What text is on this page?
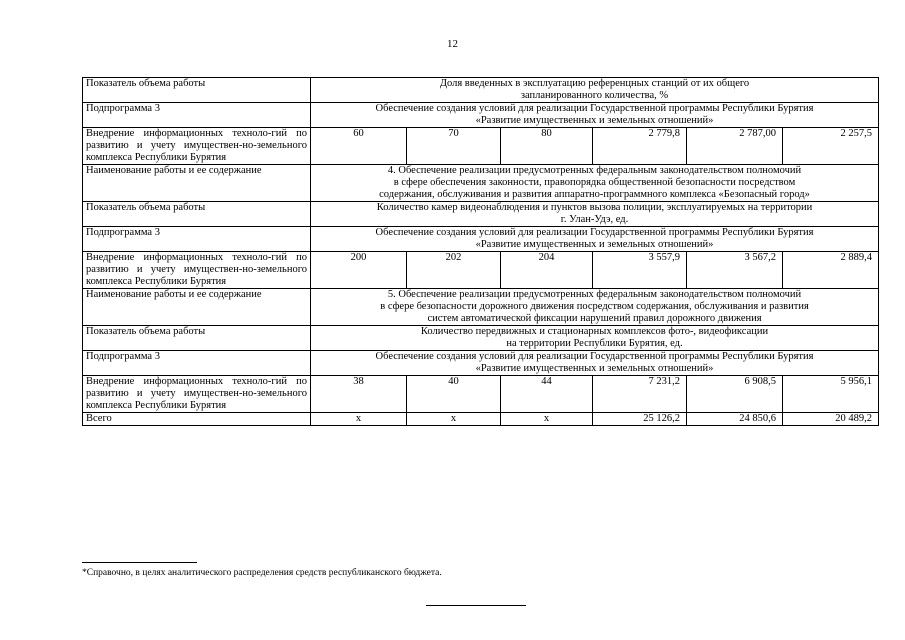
12
Показатель объема работы	Доля введенных в эксплуатацию референцных станций от их общего
запланированного количества, %					

Подпрограмма 3	Обеспечение создания условий для реализации Государственной программы Республики Бурятия
«Развитие имущественных и земельных отношений»					

Внедрение информационных техноло-гий по развитию и учету имуществен-но-земельного комплекса Республики Бурятия	60	70	80	2 779,8	2 787,00	2 257,5
Наименование работы и ее содержание	4. Обеспечение реализации предусмотренных федеральным законодательством полномочий
в сфере обеспечения законности, правопорядка общественной безопасности посредством
содержания, обслуживания и развития аппаратно-программного комплекса «Безопасный город»					

Показатель объема работы	Количество камер видеонаблюдения и пунктов вызова полиции, эксплуатируемых на территории
г. Улан-Удэ, ед.					

Подпрограмма 3	Обеспечение создания условий для реализации Государственной программы Республики Бурятия
«Развитие имущественных и земельных отношений»					

Внедрение информационных техноло-гий по развитию и учету имуществен-но-земельного комплекса Республики Бурятия	200	202	204	3 557,9	3 567,2	2 889,4
Наименование работы и ее содержание	5. Обеспечение реализации предусмотренных федеральным законодательством полномочий
в сфере безопасности дорожного движения посредством содержания, обслуживания и развития
систем автоматической фиксации нарушений правил дорожного движения					

Показатель объема работы	Количество передвижных и стационарных комплексов фото-, видеофиксации
на территории Республики Бурятия, ед.					

Подпрограмма 3	Обеспечение создания условий для реализации Государственной программы Республики Бурятия
«Развитие имущественных и земельных отношений»					

Внедрение информационных техноло-гий по развитию и учету имуществен-но-земельного комплекса Республики Бурятия	38	40	44	7 231,2	6 908,5	5 956,1
Всего	х	х	х	25 126,2	24 850,6	20 489,2
*Справочно, в целях аналитического распределения средств республиканского бюджета.
